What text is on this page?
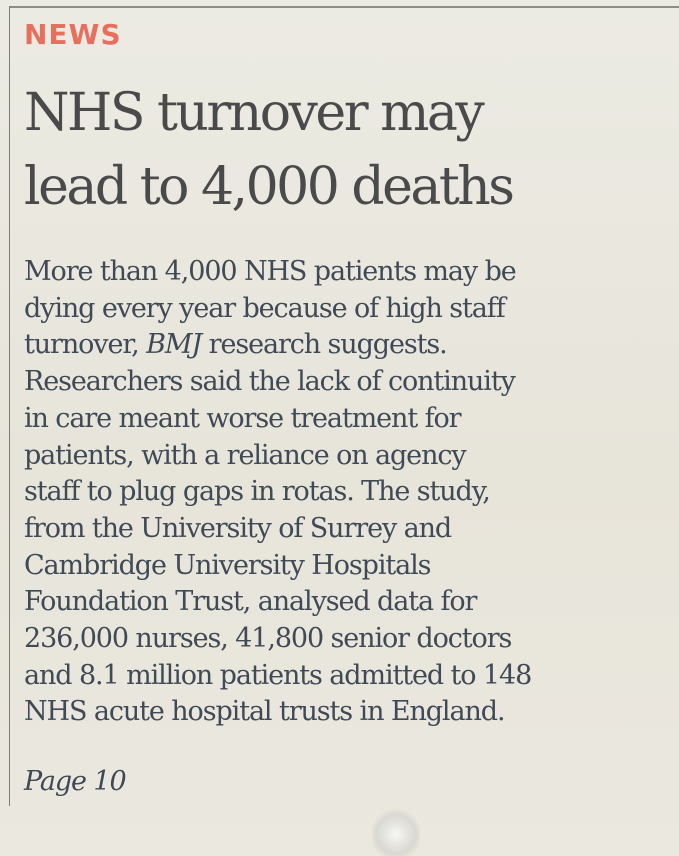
NEWS
NHS turnover may
lead to 4,000 deaths

More than 4,000 NHS patients may be

dying every year because of high staff

turnover, BMJ research suggests.

Researchers said the lack of continuity

in care meant worse treatment for

patients, with a reliance on agency

staff to plug gaps in rotas. The study,

from the University of Surrey and

Cambridge University Hospitals

Foundation Trust, analysed data for

236,000 nurses, 41,800 senior doctors

and 8.1 million patients admitted to 148

NHS acute hospital trusts in England.

Page 10
